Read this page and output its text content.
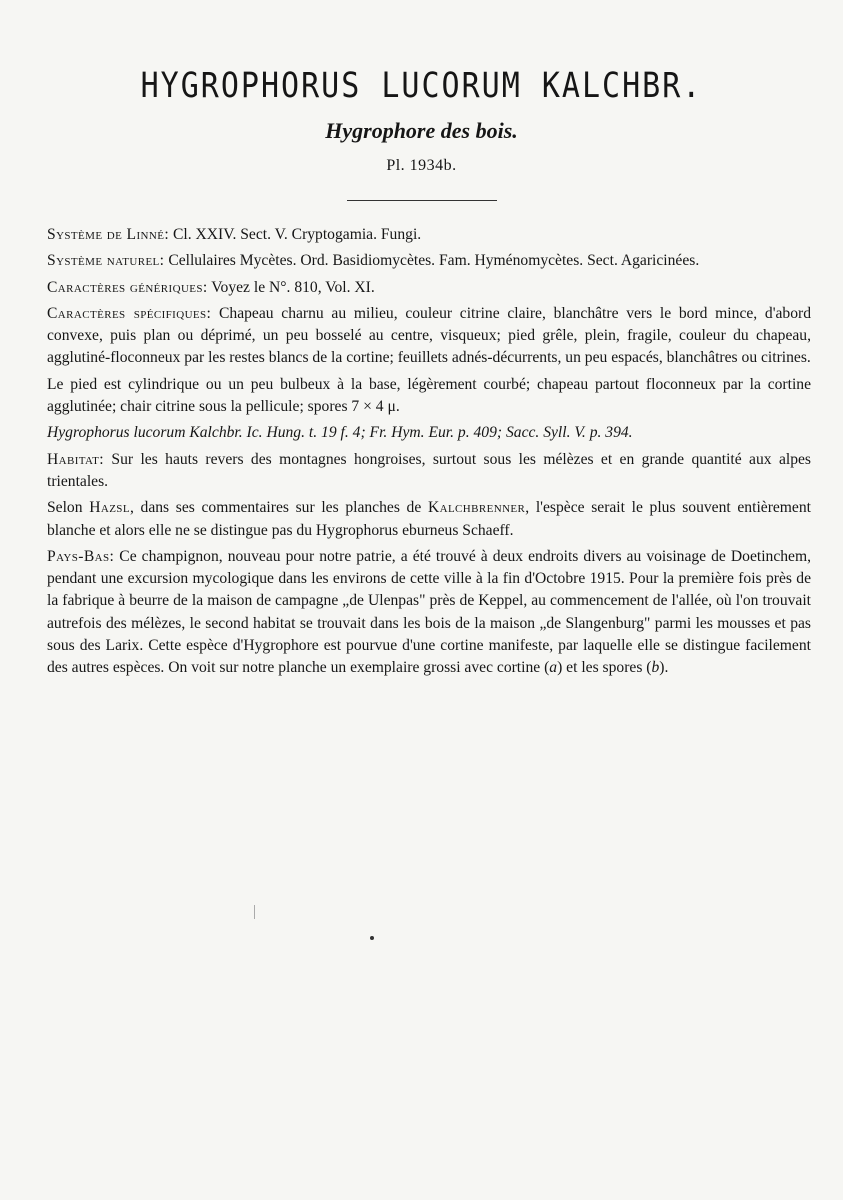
HYGROPHORUS LUCORUM KALCHBR.
Hygrophore des bois.
Pl. 1934b.

Système de Linné: Cl. XXIV. Sect. V. Cryptogamia. Fungi.

Système naturel: Cellulaires Mycètes. Ord. Basidiomycètes. Fam. Hyménomycètes. Sect. Agaricinées.

Caractères génériques: Voyez le N°. 810, Vol. XI.

Caractères spécifiques: Chapeau charnu au milieu, couleur citrine claire, blanchâtre vers le bord mince, d'abord convexe, puis plan ou déprimé, un peu bosselé au centre, visqueux; pied grêle, plein, fragile, couleur du chapeau, agglutiné-floconneux par les restes blancs de la cortine; feuillets adnés-décurrents, un peu espacés, blanchâtres ou citrines.

Le pied est cylindrique ou un peu bulbeux à la base, légèrement courbé; chapeau partout floconneux par la cortine agglutinée; chair citrine sous la pellicule; spores 7 × 4 μ.

Hygrophorus lucorum Kalchbr. Ic. Hung. t. 19 f. 4; Fr. Hym. Eur. p. 409; Sacc. Syll. V. p. 394.

Habitat: Sur les hauts revers des montagnes hongroises, surtout sous les mélèzes et en grande quantité aux alpes trientales.

Selon Hazsl, dans ses commentaires sur les planches de Kalchbrenner, l'espèce serait le plus souvent entièrement blanche et alors elle ne se distingue pas du Hygrophorus eburneus Schaeff.

Pays-Bas: Ce champignon, nouveau pour notre patrie, a été trouvé à deux endroits divers au voisinage de Doetinchem, pendant une excursion mycologique dans les environs de cette ville à la fin d'Octobre 1915. Pour la première fois près de la fabrique à beurre de la maison de campagne „de Ulenpas" près de Keppel, au commencement de l'allée, où l'on trouvait autrefois des mélèzes, le second habitat se trouvait dans les bois de la maison „de Slangenburg" parmi les mousses et pas sous des Larix. Cette espèce d'Hygrophore est pourvue d'une cortine manifeste, par laquelle elle se distingue facilement des autres espèces. On voit sur notre planche un exemplaire grossi avec cortine (a) et les spores (b).
